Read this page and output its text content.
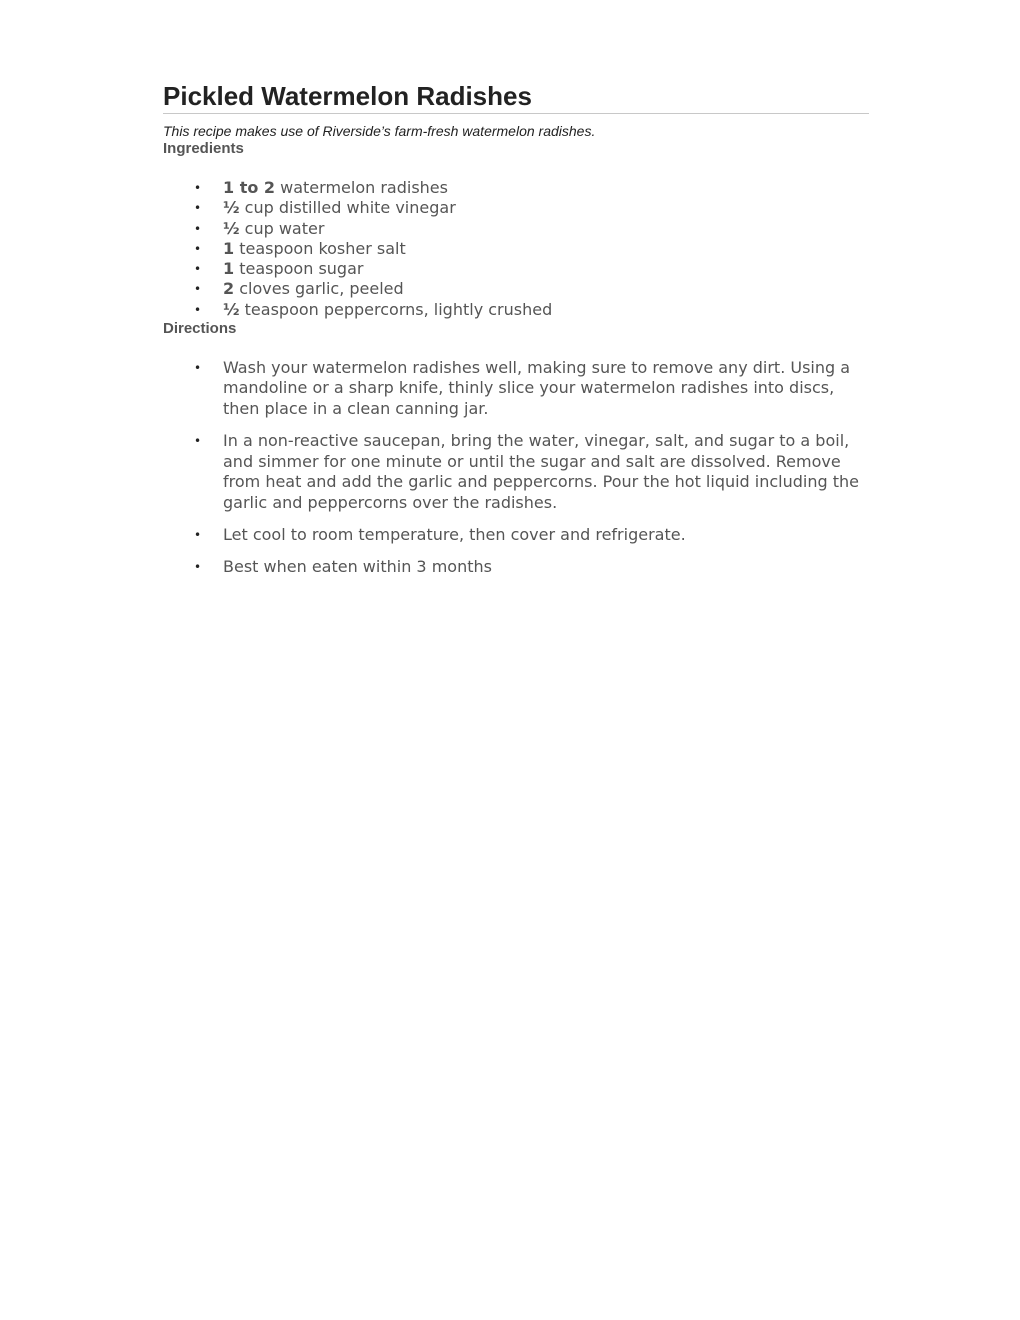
Pickled Watermelon Radishes

This recipe makes use of Riverside’s farm-fresh watermelon radishes.

Ingredients
• 1 to 2 watermelon radishes
• ½ cup distilled white vinegar
• ½ cup water
• 1 teaspoon kosher salt
• 1 teaspoon sugar
• 2 cloves garlic, peeled
• ½ teaspoon peppercorns, lightly crushed
Directions
• Wash your watermelon radishes well, making sure to remove any dirt. Using a mandoline or a sharp knife, thinly slice your watermelon radishes into discs, then place in a clean canning jar.
• In a non-reactive saucepan, bring the water, vinegar, salt, and sugar to a boil, and simmer for one minute or until the sugar and salt are dissolved. Remove from heat and add the garlic and peppercorns. Pour the hot liquid including the garlic and peppercorns over the radishes.
• Let cool to room temperature, then cover and refrigerate.
• Best when eaten within 3 months
